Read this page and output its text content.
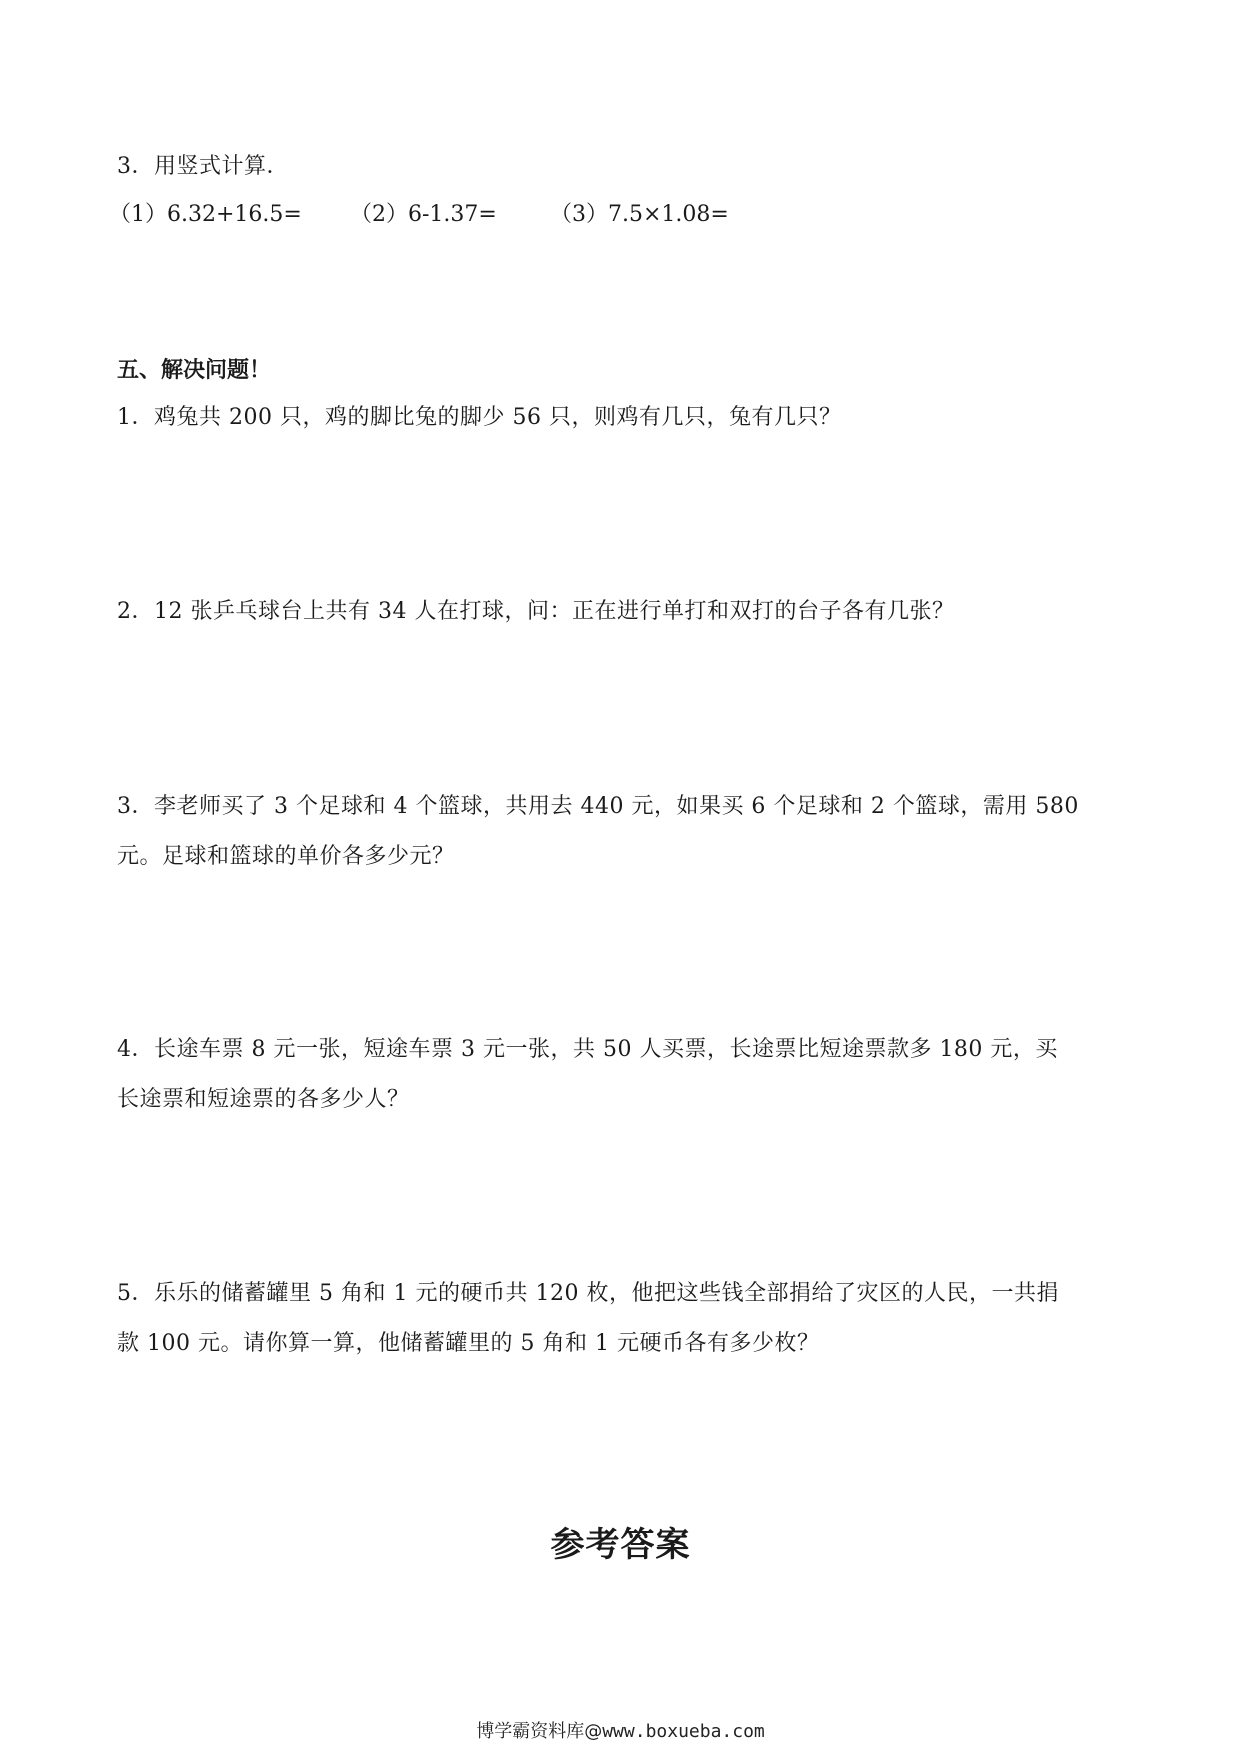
3．用竖式计算．
（1）6.32+16.5= （2）6-1.37= （3）7.5×1.08=
五、解决问题！
1．鸡兔共 200 只，鸡的脚比兔的脚少 56 只，则鸡有几只，兔有几只？
2．12 张乒乓球台上共有 34 人在打球，问：正在进行单打和双打的台子各有几张？
3．李老师买了 3 个足球和 4 个篮球，共用去 440 元，如果买 6 个足球和 2 个篮球，需用 580
元。足球和篮球的单价各多少元？
4．长途车票 8 元一张，短途车票 3 元一张，共 50 人买票，长途票比短途票款多 180 元，买
长途票和短途票的各多少人？
5．乐乐的储蓄罐里 5 角和 1 元的硬币共 120 枚，他把这些钱全部捐给了灾区的人民，一共捐
款 100 元。请你算一算，他储蓄罐里的 5 角和 1 元硬币各有多少枚？
参考答案
博学霸资料库@www.boxueba.com
